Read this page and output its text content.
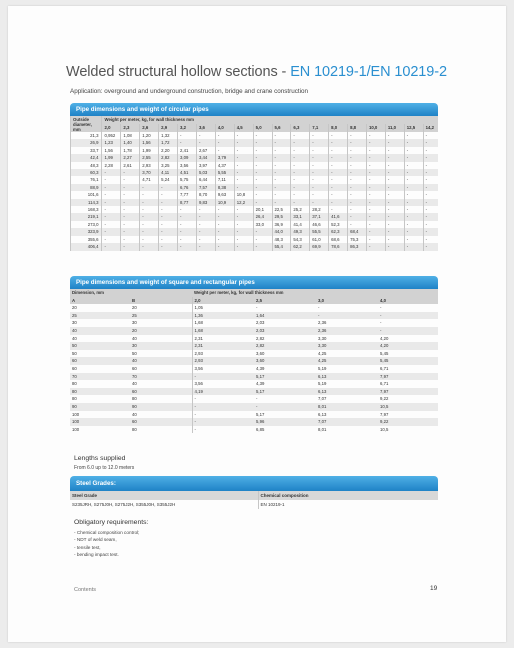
Welded structural hollow sections - EN 10219-1/EN 10219-2
Application: overground and underground construction, bridge and crane construction
Pipe dimensions and weight of circular pipes
Outside diameter, mm	Weight per meter, kg, for wall thickness mm																	
	2,0	2,3	2,6	2,9	3,2	3,6	4,0	4,5	5,0	5,6	6,3	7,1	8,0	8,8	10,0	11,0	12,5	14,2
21,3	0,952	1,08	1,20	1,32	-	-	-	-	-	-	-	-	-	-	-	-	-	-
26,9	1,23	1,40	1,56	1,72	-	-	-	-	-	-	-	-	-	-	-	-	-	-
33,7	1,56	1,78	1,99	2,20	2,41	2,67	-	-	-	-	-	-	-	-	-	-	-	-
42,4	1,99	2,27	2,55	2,82	3,09	3,44	3,79	-	-	-	-	-	-	-	-	-	-	-
48,3	2,28	2,61	2,93	3,25	3,56	3,97	4,37	-	-	-	-	-	-	-	-	-	-	-
60,3	-	-	3,70	4,11	4,51	5,03	5,55	-	-	-	-	-	-	-	-	-	-	-
76,1	-	-	4,71	5,24	5,75	6,44	7,11	-	-	-	-	-	-	-	-	-	-	-
88,9	-	-	-	-	6,76	7,57	8,38	-	-	-	-	-	-	-	-	-	-	-
101,6	-	-	-	-	7,77	8,70	9,63	10,8	-	-	-	-	-	-	-	-	-	-
114,3	-	-	-	-	8,77	9,83	10,9	12,2	-	-	-	-	-	-	-	-	-	-
168,3	-	-	-	-	-	-	-	-	20,1	22,5	25,2	28,2	-	-	-	-	-	-
219,1	-	-	-	-	-	-	-	-	26,4	29,5	33,1	37,1	41,6	-	-	-	-	-
273,0	-	-	-	-	-	-	-	-	33,0	36,9	41,4	46,6	52,3	-	-	-	-	-
323,9	-	-	-	-	-	-	-	-	-	44,0	49,3	55,5	62,3	68,4	-	-	-	-
355,6	-	-	-	-	-	-	-	-	-	48,3	54,3	61,0	68,6	75,3	-	-	-	-
406,4	-	-	-	-	-	-	-	-	-	55,4	62,2	69,9	78,6	86,3	-	-	-	-
Pipe dimensions and weight of square and rectangular pipes
Dimension, mm		Weight per meter, kg, for wall thickness mm			
A	B	2,0	2,5	3,0	4,0
20	20	1,05	-	-	-
25	25	1,36	1,64	-	-
30	30	1,68	2,03	2,36	-
40	20	1,68	2,03	2,36	-
40	40	2,31	2,82	3,30	4,20
50	30	2,31	2,82	3,30	4,20
50	50	2,93	3,60	4,25	5,45
60	40	2,93	3,60	4,25	5,45
60	60	3,56	4,39	5,19	6,71
70	70	-	5,17	6,13	7,97
80	40	3,56	4,39	5,19	6,71
80	60	4,19	5,17	6,13	7,97
80	80	-	-	7,07	9,22
90	90	-	-	8,01	10,5
100	40	-	5,17	6,13	7,97
100	60	-	5,96	7,07	9,22
100	80	-	6,85	8,01	10,5
Lengths supplied
From 6.0 up to 12.0 meters
Steel Grades:
Steel Grade	Chemical composition
S235JRH, S275J0H, S275J2H, S355J0H, S355J2H	EN 10219-1
Obligatory requirements:
- Chemical composition control;
- NDT of weld seam,
- tensile test,
- bending impact test.
Contents	19
